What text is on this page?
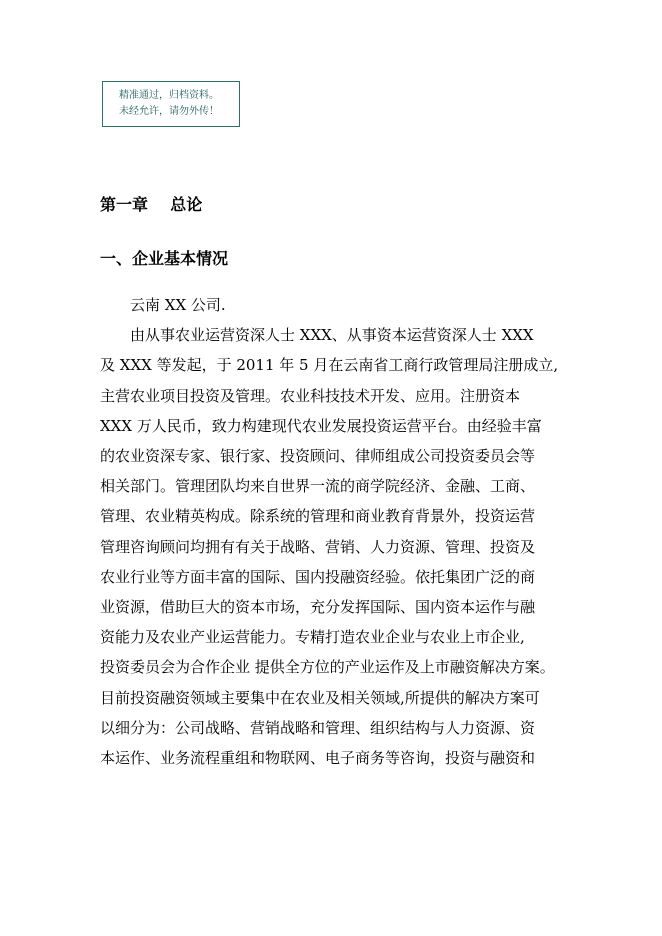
精准通过，归档资料。
未经允许，请勿外传！
第一章    总论
一、企业基本情况
云南 XX 公司.
由从事农业运营资深人士 XXX、从事资本运营资深人士 XXX
及 XXX 等发起，于 2011 年 5 月在云南省工商行政管理局注册成立,
主营农业项目投资及管理。农业科技技术开发、应用。注册资本
XXX 万人民币，致力构建现代农业发展投资运营平台。由经验丰富
的农业资深专家、银行家、投资顾问、律师组成公司投资委员会等
相关部门。管理团队均来自世界一流的商学院经济、金融、工商、
管理、农业精英构成。除系统的管理和商业教育背景外，投资运营
管理咨询顾问均拥有有关于战略、营销、人力资源、管理、投资及
农业行业等方面丰富的国际、国内投融资经验。依托集团广泛的商
业资源，借助巨大的资本市场，充分发挥国际、国内资本运作与融
资能力及农业产业运营能力。专精打造农业企业与农业上市企业,
投资委员会为合作企业 提供全方位的产业运作及上市融资解决方案。
目前投资融资领域主要集中在农业及相关领域,所提供的解决方案可
以细分为：公司战略、营销战略和管理、组织结构与人力资源、资
本运作、业务流程重组和物联网、电子商务等咨询，投资与融资和
